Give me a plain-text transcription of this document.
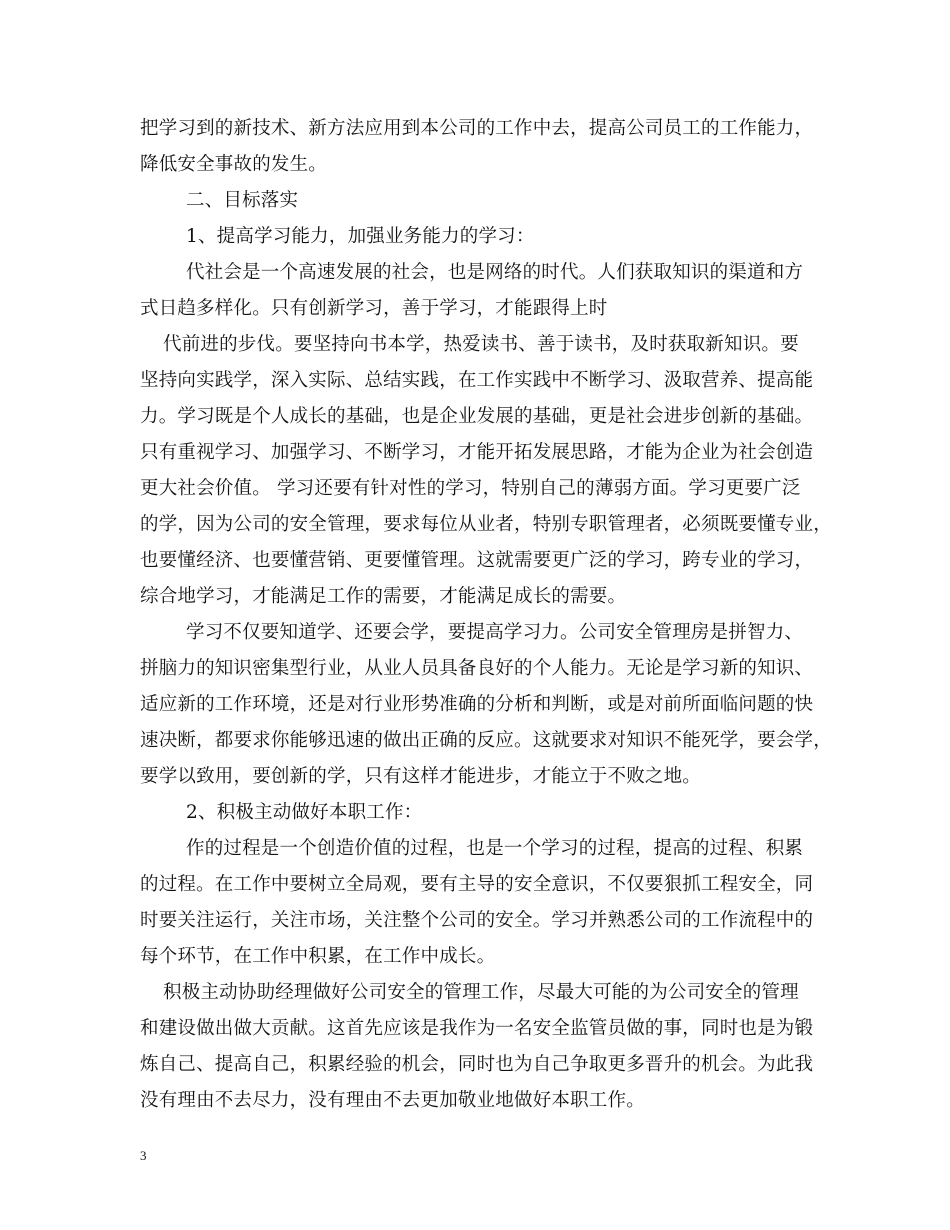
把学习到的新技术、新方法应用到本公司的工作中去，提高公司员工的工作能力，
降低安全事故的发生。
二、目标落实
1、提高学习能力，加强业务能力的学习：
代社会是一个高速发展的社会，也是网络的时代。人们获取知识的渠道和方
式日趋多样化。只有创新学习，善于学习，才能跟得上时
代前进的步伐。要坚持向书本学，热爱读书、善于读书，及时获取新知识。要
坚持向实践学，深入实际、总结实践，在工作实践中不断学习、汲取营养、提高能
力。学习既是个人成长的基础，也是企业发展的基础，更是社会进步创新的基础。
只有重视学习、加强学习、不断学习，才能开拓发展思路，才能为企业为社会创造
更大社会价值。 学习还要有针对性的学习，特别自己的薄弱方面。学习更要广泛
的学，因为公司的安全管理，要求每位从业者，特别专职管理者，必须既要懂专业，
也要懂经济、也要懂营销、更要懂管理。这就需要更广泛的学习，跨专业的学习，
综合地学习，才能满足工作的需要，才能满足成长的需要。
学习不仅要知道学、还要会学，要提高学习力。公司安全管理房是拼智力、
拼脑力的知识密集型行业，从业人员具备良好的个人能力。无论是学习新的知识、
适应新的工作环境，还是对行业形势准确的分析和判断，或是对前所面临问题的快
速决断，都要求你能够迅速的做出正确的反应。这就要求对知识不能死学，要会学，
要学以致用，要创新的学，只有这样才能进步，才能立于不败之地。
2、积极主动做好本职工作：
作的过程是一个创造价值的过程，也是一个学习的过程，提高的过程、积累
的过程。在工作中要树立全局观，要有主导的安全意识，不仅要狠抓工程安全，同
时要关注运行，关注市场，关注整个公司的安全。学习并熟悉公司的工作流程中的
每个环节，在工作中积累，在工作中成长。
积极主动协助经理做好公司安全的管理工作，尽最大可能的为公司安全的管理
和建设做出做大贡献。这首先应该是我作为一名安全监管员做的事，同时也是为锻
炼自己、提高自己，积累经验的机会，同时也为自己争取更多晋升的机会。为此我
没有理由不去尽力，没有理由不去更加敬业地做好本职工作。
3
